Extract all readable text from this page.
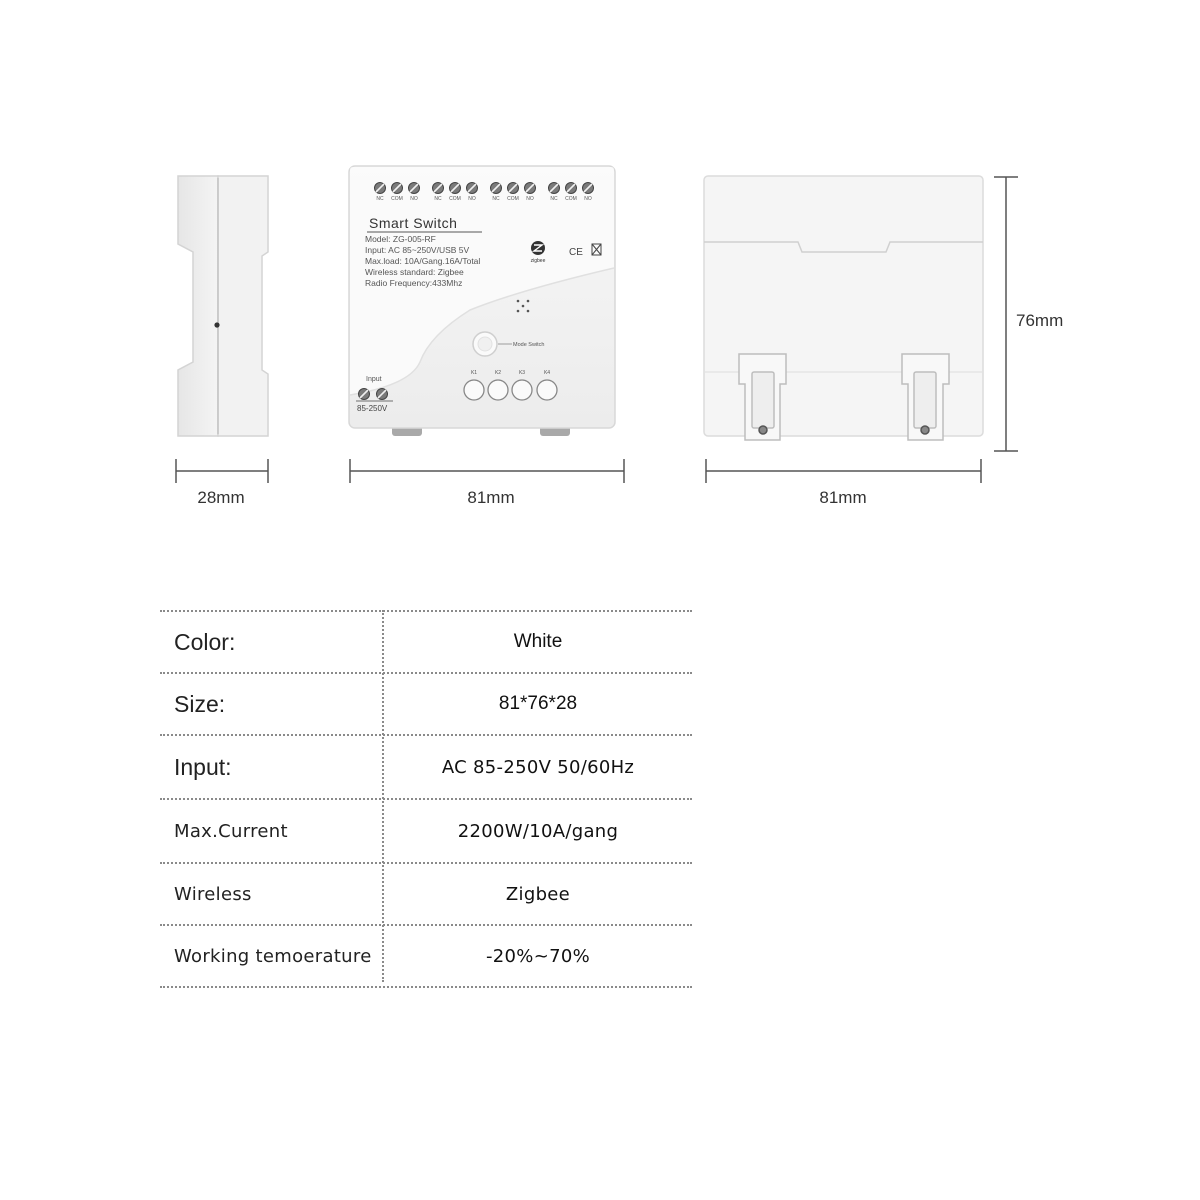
NC COM NO	NC COM NO	NC COM NO	NC COM NO
Smart Switch
Model: ZG-005-RF
Input: AC 85~250V/USB 5V
Max.load: 10A/Gang.16A/Total
Wireless standard: Zigbee
Radio Frequency:433Mhz
zigbee
CE
Mode Switch
K1	K2	K3	K4
Input
85-250V
28mm	81mm	81mm
76mm
Color:	White
Size:	81*76*28
Input:	AC 85-250V 50/60Hz
Max.Current	2200W/10A/gang
Wireless	Zigbee
Working temoerature	-20%~70%
